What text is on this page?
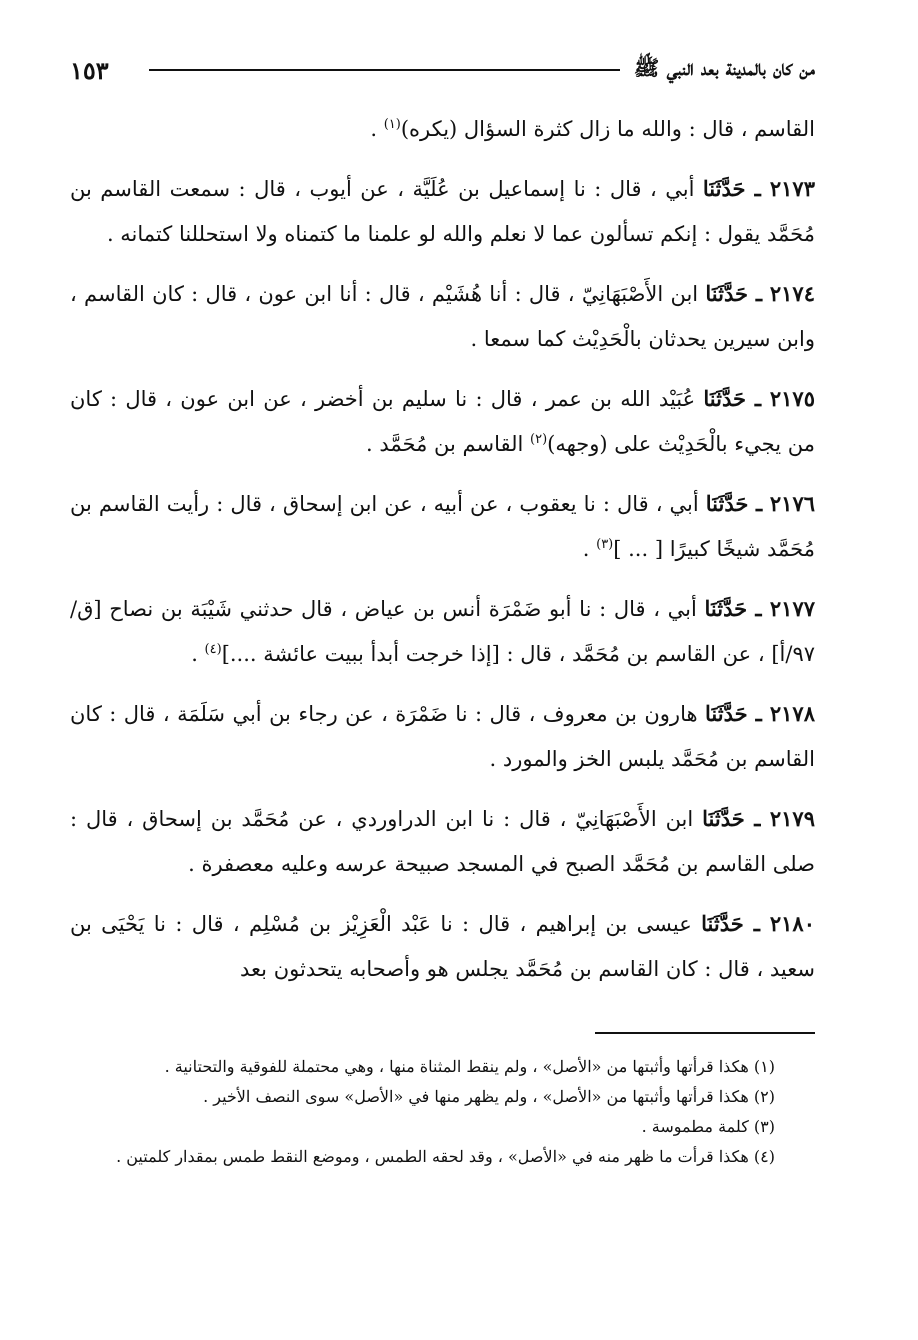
من كان بالمدينة بعد النبي ﷺ
١٥٣

القاسم ، قال : والله ما زال كثرة السؤال (يكره)$^{(١)}$ .

٢١٧٣ ـ حَدَّثَنَا أبي ، قال : نا إسماعيل بن عُلَيَّة ، عن أيوب ، قال : سمعت القاسم بن مُحَمَّد يقول : إنكم تسألون عما لا نعلم والله لو علمنا ما كتمناه ولا استحللنا كتمانه .

٢١٧٤ ـ حَدَّثَنَا ابن الأَصْبَهَانِيّ ، قال : أنا هُشَيْم ، قال : أنا ابن عون ، قال : كان القاسم ، وابن سيرين يحدثان بالْحَدِيْث كما سمعا .

٢١٧٥ ـ حَدَّثَنَا عُبَيْد الله بن عمر ، قال : نا سليم بن أخضر ، عن ابن عون ، قال : كان من يجيء بالْحَدِيْث على (وجهه)$^{(٢)}$ القاسم بن مُحَمَّد .

٢١٧٦ ـ حَدَّثَنَا أبي ، قال : نا يعقوب ، عن أبيه ، عن ابن إسحاق ، قال : رأيت القاسم بن مُحَمَّد شيخًا كبيرًا [ ... ]$^{(٣)}$ .

٢١٧٧ ـ حَدَّثَنَا أبي ، قال : نا أبو ضَمْرَة أنس بن عياض ، قال حدثني شَيْبَة بن نصاح [ق/٩٧/أ] ، عن القاسم بن مُحَمَّد ، قال : [إذا خرجت أبدأ ببيت عائشة ....]$^{(٤)}$ .

٢١٧٨ ـ حَدَّثَنَا هارون بن معروف ، قال : نا ضَمْرَة ، عن رجاء بن أبي سَلَمَة ، قال : كان القاسم بن مُحَمَّد يلبس الخز والمورد .

٢١٧٩ ـ حَدَّثَنَا ابن الأَصْبَهَانِيّ ، قال : نا ابن الدراوردي ، عن مُحَمَّد بن إسحاق ، قال : صلى القاسم بن مُحَمَّد الصبح في المسجد صبيحة عرسه وعليه معصفرة .

٢١٨٠ ـ حَدَّثَنَا عيسى بن إبراهيم ، قال : نا عَبْد الْعَزِيْز بن مُسْلِم ، قال : نا يَحْيَى بن سعيد ، قال : كان القاسم بن مُحَمَّد يجلس هو وأصحابه يتحدثون بعد

(١) هكذا قرأتها وأثبتها من «الأصل» ، ولم ينقط المثناة منها ، وهي محتملة للفوقية والتحتانية .

(٢) هكذا قرأتها وأثبتها من «الأصل» ، ولم يظهر منها في «الأصل» سوى النصف الأخير .

(٣) كلمة مطموسة .

(٤) هكذا قرأت ما ظهر منه في «الأصل» ، وقد لحقه الطمس ، وموضع النقط طمس بمقدار كلمتين .
